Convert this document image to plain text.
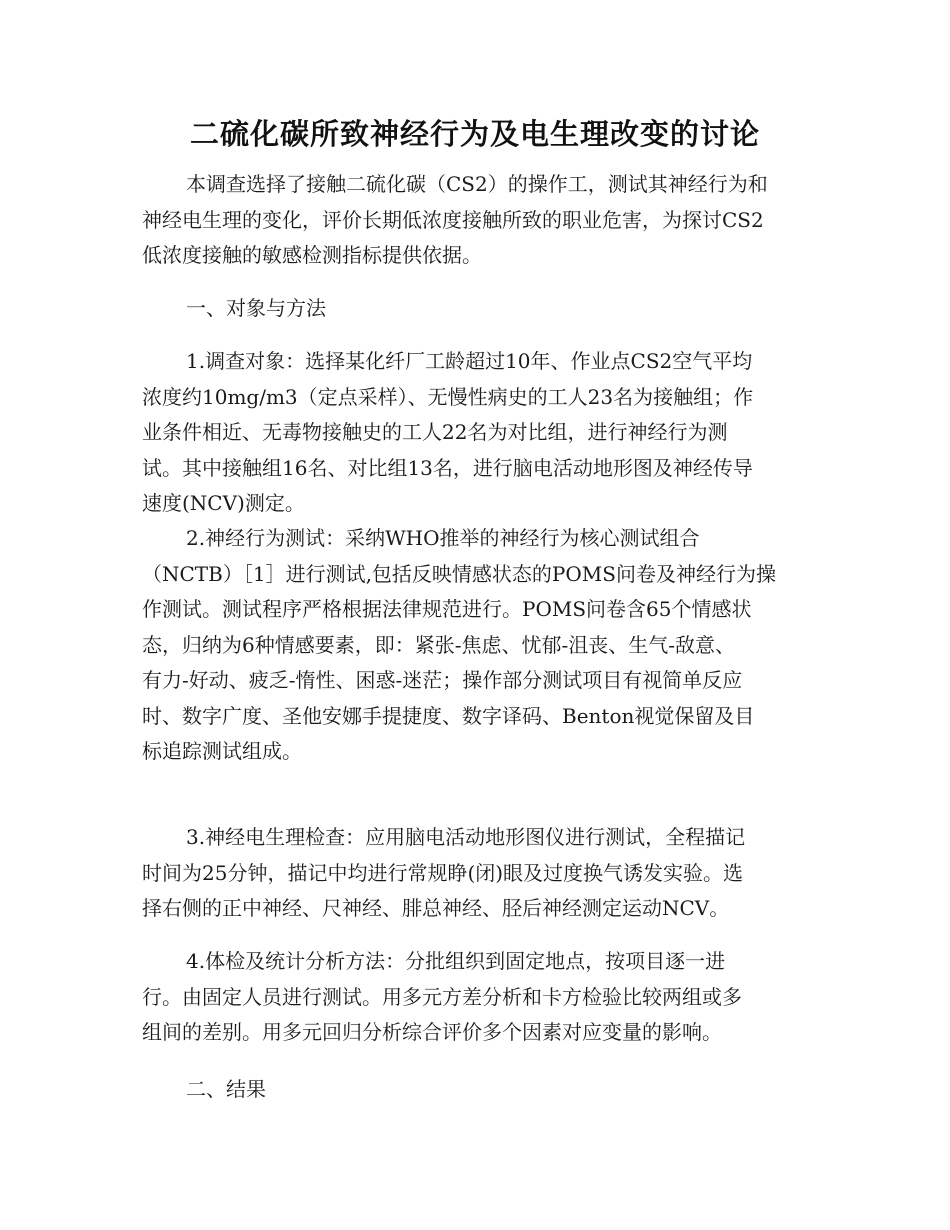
二硫化碳所致神经行为及电生理改变的讨论
本调查选择了接触二硫化碳（CS2）的操作工，测试其神经行为和
神经电生理的变化，评价长期低浓度接触所致的职业危害，为探讨CS2
低浓度接触的敏感检测指标提供依据。
一、对象与方法
1.调查对象：选择某化纤厂工龄超过10年、作业点CS2空气平均
浓度约10mg/m3（定点采样）、无慢性病史的工人23名为接触组；作
业条件相近、无毒物接触史的工人22名为对比组，进行神经行为测
试。其中接触组16名、对比组13名，进行脑电活动地形图及神经传导
速度(NCV)测定。
2.神经行为测试：采纳WHO推举的神经行为核心测试组合
（NCTB）［1］进行测试,包括反映情感状态的POMS问卷及神经行为操
作测试。测试程序严格根据法律规范进行。POMS问卷含65个情感状
态，归纳为6种情感要素，即：紧张-焦虑、忧郁-沮丧、生气-敌意、
有力-好动、疲乏-惰性、困惑-迷茫；操作部分测试项目有视简单反应
时、数字广度、圣他安娜手提捷度、数字译码、Benton视觉保留及目
标追踪测试组成。
3.神经电生理检查：应用脑电活动地形图仪进行测试，全程描记
时间为25分钟，描记中均进行常规睁(闭)眼及过度换气诱发实验。选
择右侧的正中神经、尺神经、腓总神经、胫后神经测定运动NCV。
4.体检及统计分析方法：分批组织到固定地点，按项目逐一进
行。由固定人员进行测试。用多元方差分析和卡方检验比较两组或多
组间的差别。用多元回归分析综合评价多个因素对应变量的影响。
二、结果
